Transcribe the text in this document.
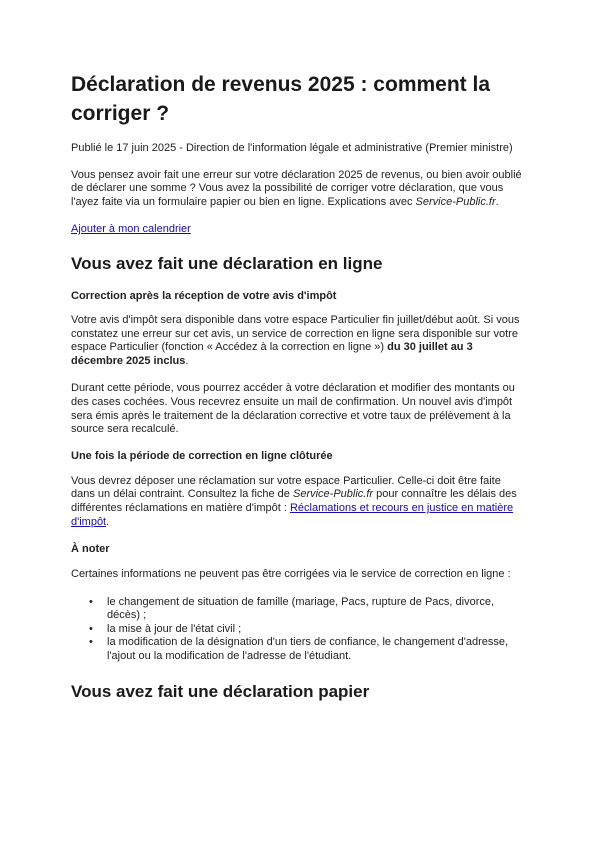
Déclaration de revenus 2025 : comment la corriger ?

Publié le 17 juin 2025 - Direction de l'information légale et administrative (Premier ministre)

Vous pensez avoir fait une erreur sur votre déclaration 2025 de revenus, ou bien avoir oublié de déclarer une somme ? Vous avez la possibilité de corriger votre déclaration, que vous l'ayez faite via un formulaire papier ou bien en ligne. Explications avec Service-Public.fr.

Ajouter à mon calendrier

Vous avez fait une déclaration en ligne

Correction après la réception de votre avis d'impôt

Votre avis d'impôt sera disponible dans votre espace Particulier fin juillet/début août. Si vous constatez une erreur sur cet avis, un service de correction en ligne sera disponible sur votre espace Particulier (fonction « Accédez à la correction en ligne ») du 30 juillet au 3 décembre 2025 inclus.

Durant cette période, vous pourrez accéder à votre déclaration et modifier des montants ou des cases cochées. Vous recevrez ensuite un mail de confirmation. Un nouvel avis d'impôt sera émis après le traitement de la déclaration corrective et votre taux de prélèvement à la source sera recalculé.

Une fois la période de correction en ligne clôturée

Vous devrez déposer une réclamation sur votre espace Particulier. Celle-ci doit être faite dans un délai contraint. Consultez la fiche de Service-Public.fr pour connaître les délais des différentes réclamations en matière d'impôt : Réclamations et recours en justice en matière d'impôt.

À noter

Certaines informations ne peuvent pas être corrigées via le service de correction en ligne :

• le changement de situation de famille (mariage, Pacs, rupture de Pacs, divorce, décès) ;
• la mise à jour de l'état civil ;
• la modification de la désignation d'un tiers de confiance, le changement d'adresse, l'ajout ou la modification de l'adresse de l'étudiant.
Vous avez fait une déclaration papier
